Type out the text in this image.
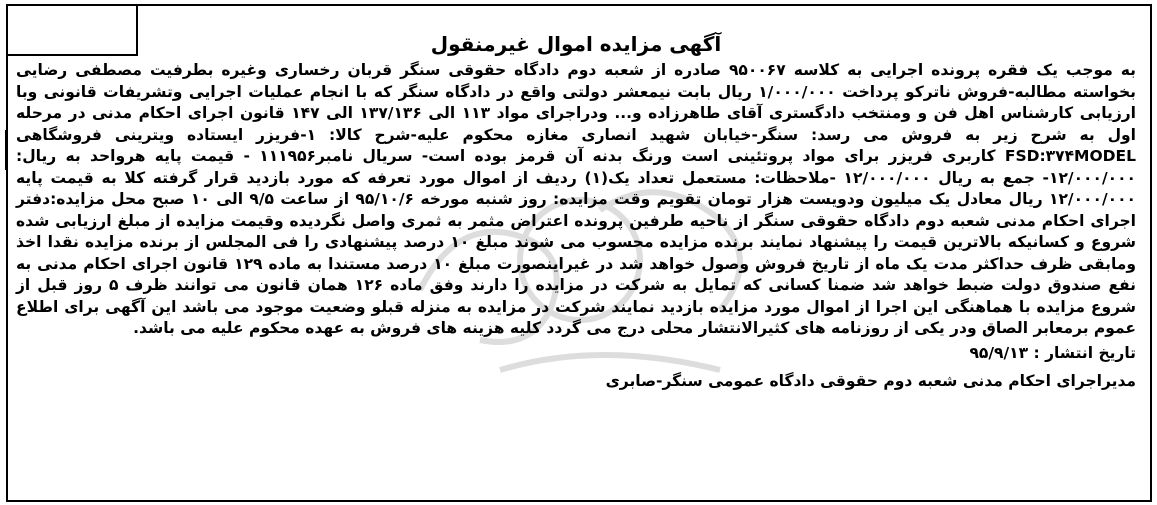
آگهی مزایده اموال غیرمنقول

به موجب یک فقره پرونده اجرایی به کلاسه ۹۵۰۰۶۷ صادره از شعبه دوم دادگاه حقوقی سنگر قربان رخساری وغیره بطرفیت مصطفی رضایی بخواسته مطالبه-فروش ناترکو پرداخت ۱/۰۰۰/۰۰۰ ریال بابت نیمعشر دولتی واقع در دادگاه سنگر که با انجام عملیات اجرایی وتشریفات قانونی وبا ارزیابی کارشناس اهل فن و ومنتخب دادگستری آقای طاهرزاده و... ودراجرای مواد ۱۱۳ الی ۱۳۷/۱۳۶ الی ۱۴۷ قانون اجرای احکام مدنی در مرحله اول به شرح زیر به فروش می رسد: سنگر-خیابان شهید انصاری مغازه محکوم علیه-شرح کالا: ۱-فریزر ایستاده ویترینی فروشگاهی FSD:۳۷۴MODEL کاربری فریزر برای مواد پروتئینی است ورنگ بدنه آن قرمز بوده است- سریال نامبر۱۱۱۹۵۶ - قیمت پایه هرواحد به ریال: ۱۲/۰۰۰/۰۰۰- جمع به ریال ۱۲/۰۰۰/۰۰۰ -ملاحظات: مستعمل تعداد یک(۱) ردیف از اموال مورد تعرفه که مورد بازدید قرار گرفته کلا به قیمت پایه ۱۲/۰۰۰/۰۰۰ ریال معادل یک میلیون ودویست هزار تومان تقویم وقت مزایده: روز شنبه مورخه ۹۵/۱۰/۶ از ساعت ۹/۵ الی ۱۰ صبح محل مزایده:دفتر اجرای احکام مدنی شعبه دوم دادگاه حقوقی سنگر از ناحیه طرفین پرونده اعتراض مثمر به ثمری واصل نگردیده وقیمت مزایده از مبلغ ارزیابی شده شروع و کسانیکه بالاترین قیمت را پیشنهاد نمایند برنده مزایده محسوب می شوند مبلغ ۱۰ درصد پیشنهادی را فی المجلس از برنده مزایده نقدا اخذ ومابقی ظرف حداکثر مدت یک ماه از تاریخ فروش وصول خواهد شد در غیراینصورت مبلغ ۱۰ درصد مستندا به ماده ۱۲۹ قانون اجرای احکام مدنی به نفع صندوق دولت ضبط خواهد شد ضمنا کسانی که تمایل به شرکت در مزایده را دارند وفق ماده ۱۲۶ همان قانون می توانند ظرف ۵ روز قبل از شروع مزایده با هماهنگی این اجرا از اموال مورد مزایده بازدید نمایند شرکت در مزایده به منزله قبلو وضعیت موجود می باشد این آگهی برای اطلاع عموم برمعابر الصاق ودر یکی از روزنامه های کثیرالانتشار محلی درج می گردد کلیه هزینه های فروش به عهده محکوم علیه می باشد.

تاریخ انتشار : ۹۵/۹/۱۳

مدیراجرای احکام مدنی شعبه دوم حقوقی دادگاه عمومی سنگر-صابری
